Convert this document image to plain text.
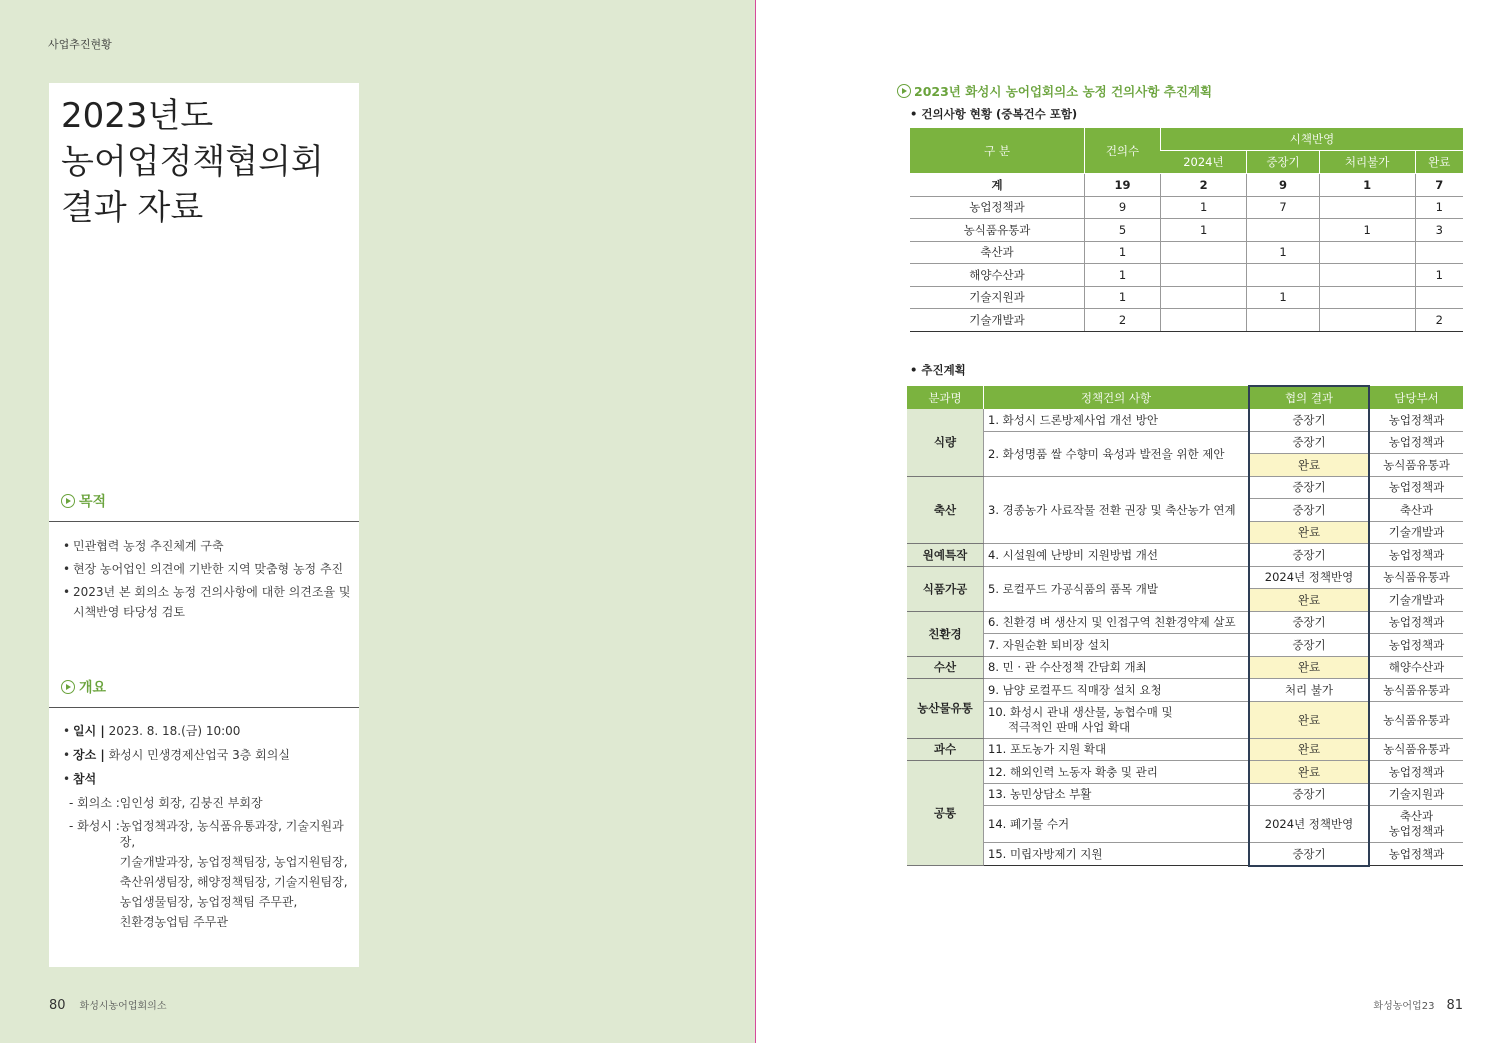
사업추진현황
2023년도
농어업정책협의회
결과 자료
목적
• 민관협력 농정 추진체계 구축
• 현장 농어업인 의견에 기반한 지역 맞춤형 농정 추진
• 2023년 본 회의소 농정 건의사항에 대한 의견조율 및
시책반영 타당성 검토
개요
• 일시 | 2023. 8. 18.(금) 10:00
• 장소 | 화성시 민생경제산업국 3층 회의실
• 참석
- 회의소 : 임인성 회장, 김붕진 부회장
- 화성시 : 농업정책과장, 농식품유통과장, 기술지원과장,
기술개발과장, 농업정책팀장, 농업지원팀장,
축산위생팀장, 해양정책팀장, 기술지원팀장,
농업생물팀장, 농업정책팀 주무관,
친환경농업팀 주무관
80 화성시농어업회의소
2023년 화성시 농어업회의소 농정 건의사항 추진계획
• 건의사항 현황 (중복건수 포함)
구 분	건의수	시책반영			
		2024년	중장기	처리불가	완료
계	19	2	9	1	7
농업정책과	9	1	7		1
농식품유통과	5	1		1	3
축산과	1		1		
해양수산과	1				1
기술지원과	1		1		
기술개발과	2				2
• 추진계획
분과명	정책건의 사항	협의 결과	담당부서
식량	1. 화성시 드론방제사업 개선 방안	중장기	농업정책과
	2. 화성명품 쌀 수향미 육성과 발전을 위한 제안	중장기	농업정책과
		완료	농식품유통과
축산	3. 경종농가 사료작물 전환 권장 및 축산농가 연계	중장기	농업정책과
		중장기	축산과
		완료	기술개발과
원예특작	4. 시설원예 난방비 지원방법 개선	중장기	농업정책과
식품가공	5. 로컬푸드 가공식품의 품목 개발	2024년 정책반영	농식품유통과
		완료	기술개발과
친환경	6. 친환경 벼 생산지 및 인접구역 친환경약제 살포	중장기	농업정책과
	7. 자원순환 퇴비장 설치	중장기	농업정책과
수산	8. 민 · 관 수산정책 간담회 개최	완료	해양수산과
농산물유통	9. 남양 로컬푸드 직매장 설치 요청	처리 불가	농식품유통과

	10. 화성시 관내 생산물, 농협수매 및
적극적인 판매 사업 확대	완료	농식품유통과
과수	11. 포도농가 지원 확대	완료	농식품유통과
공통	12. 해외인력 노동자 확충 및 관리	완료	농업정책과
	13. 농민상담소 부활	중장기	기술지원과
	14. 폐기물 수거	2024년 정책반영	축산과
농업정책과

	15. 미립자방제기 지원	중장기	농업정책과
화성농어업23 81
